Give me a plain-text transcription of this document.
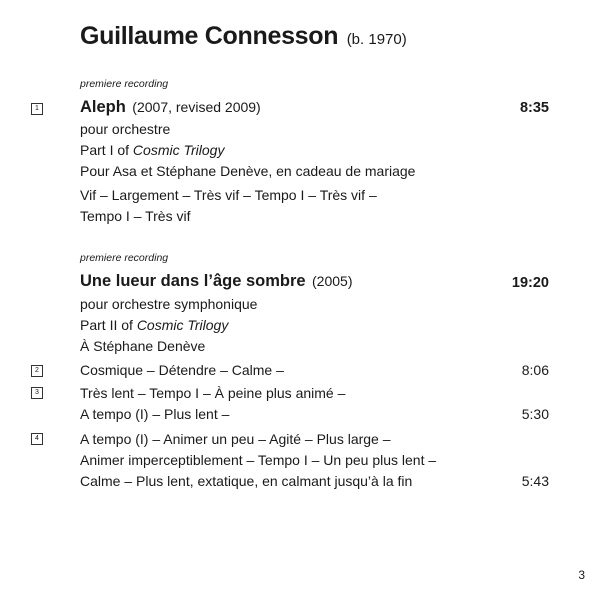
Guillaume Connesson (b. 1970)
premiere recording
1 Aleph (2007, revised 2009)	8:35
pour orchestre
Part I of Cosmic Trilogy
Pour Asa et Stéphane Denève, en cadeau de mariage
Vif – Largement – Très vif – Tempo I – Très vif –
Tempo I – Très vif
premiere recording
Une lueur dans l’âge sombre (2005)	19:20
pour orchestre symphonique
Part II of Cosmic Trilogy
À Stéphane Denève
2	Cosmique – Détendre – Calme –	8:06
3	Très lent – Tempo I – À peine plus animé –
A tempo (I) – Plus lent –	5:30
4	A tempo (I) – Animer un peu – Agité – Plus large –
Animer imperceptiblement – Tempo I – Un peu plus lent –
Calme – Plus lent, extatique, en calmant jusqu’à la fin	5:43
3
